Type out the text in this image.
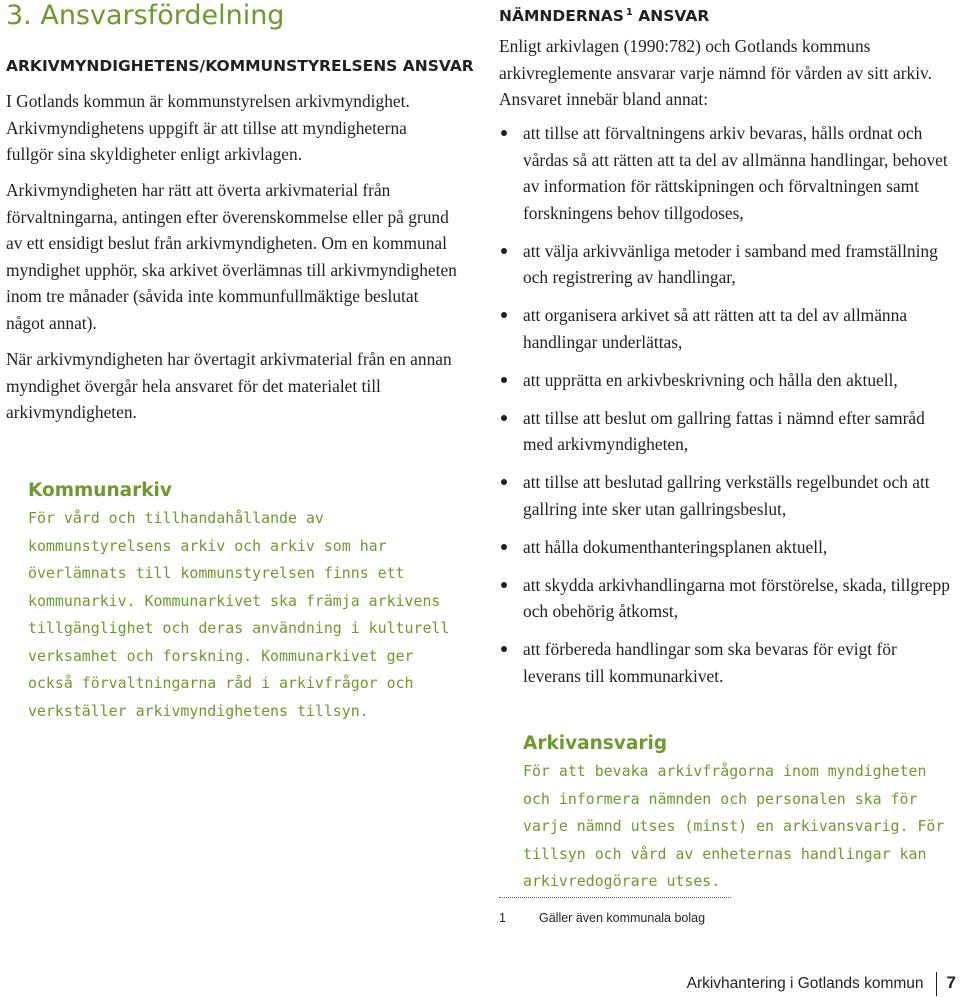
3. Ansvarsfördelning
ARKIVMYNDIGHETENS/KOMMUNSTYRELSENS ANSVAR

I Gotlands kommun är kommunstyrelsen arkivmyndighet. Arkivmyndighetens uppgift är att tillse att myndigheterna fullgör sina skyldigheter enligt arkivlagen.

Arkivmyndigheten har rätt att överta arkivmaterial från förvaltningarna, antingen efter överenskommelse eller på grund av ett ensidigt beslut från arkivmyndigheten. Om en kommunal myndighet upphör, ska arkivet överlämnas till arkivmyndigheten inom tre månader (såvida inte kommunfullmäktige beslutat något annat).

När arkivmyndigheten har övertagit arkivmaterial från en annan myndighet övergår hela ansvaret för det materialet till arkivmyndigheten.

Kommunarkiv

För vård och tillhandahållande av kommunstyrelsens arkiv och arkiv som har överlämnats till kommunstyrelsen finns ett kommunarkiv. Kommunarkivet ska främja arkivens tillgänglighet och deras användning i kulturell verksamhet och forskning. Kommunarkivet ger också förvaltningarna råd i arkivfrågor och verkställer arkivmyndighetens tillsyn.

NÄMNDERNAS $^1$ ANSVAR

Enligt arkivlagen (1990:782) och Gotlands kommuns arkivreglemente ansvarar varje nämnd för vården av sitt arkiv. Ansvaret innebär bland annat:

att tillse att förvaltningens arkiv bevaras, hålls ordnat och vårdas så att rätten att ta del av allmänna handlingar, behovet av information för rättskipningen och förvaltningen samt forskningens behov tillgodoses,
att välja arkivvänliga metoder i samband med framställning och registrering av handlingar,
att organisera arkivet så att rätten att ta del av allmänna handlingar underlättas,
att upprätta en arkivbeskrivning och hålla den aktuell,
att tillse att beslut om gallring fattas i nämnd efter samråd med arkivmyndigheten,
att tillse att beslutad gallring verkställs regelbundet och att gallring inte sker utan gallringsbeslut,
att hålla dokumenthanteringsplanen aktuell,
att skydda arkivhandlingarna mot förstörelse, skada, tillgrepp och obehörig åtkomst,
att förbereda handlingar som ska bevaras för evigt för leverans till kommunarkivet.
Arkivansvarig

För att bevaka arkivfrågorna inom myndigheten och informera nämnden och personalen ska för varje nämnd utses (minst) en arkivansvarig. För tillsyn och vård av enheternas handlingar kan arkivredogörare utses.

1	Gäller även kommunala bolag
Arkivhantering i Gotlands kommun 7
